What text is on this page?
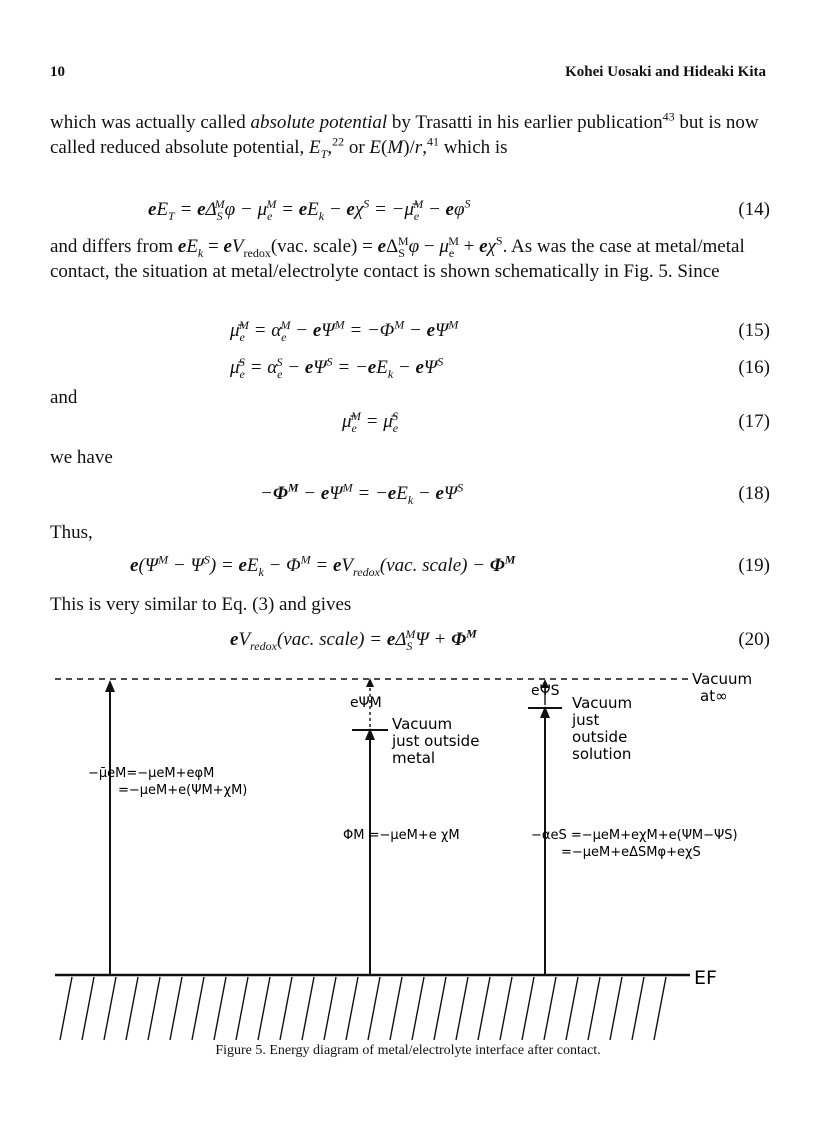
10	Kohei Uosaki and Hideaki Kita
which was actually called absolute potential by Trasatti in his earlier publication$^{43}$ but is now called reduced absolute potential, $E_T,^{22}$ or E(M)/r,$^{41}$ which is
$eE_T = e\Delta_S^M\varphi - \mu_e^M = eE_k - e\chi^S$ = $-\mū_e^M - e\varphi^S$	(14)
and differs from $eE_k = eV_{redox}(vac$. scale) = $e\Delta_S^M\varphi - \mu_e^M + e\chi^S$. As was the case at metal/metal contact, the situation at metal/electrolyte contact is shown schematically in Fig. 5. Since
$\mū_e^M = \alpha_e^M - e\Psi^M = -\Phi^M - e\Psi^M$	(15)
$\mū_e^S = \alpha_e^S - e\Psi^S = -eE_k - e\Psi^S$	(16)
and
$\mū_e^M$ = $\mū_e^S$	(17)
we have
$-\Phi^M - e\Psi^M = -eE_k - e\Psi^S$	(18)
Thus,
$e(\Psi^M - \Psi^S) = eE_k - \Phi^M = eV_{redox}(vac$. scale) − $\Phi^M$	(19)
This is very similar to Eq. (3) and gives
$eV_{redox}(vac$. scale) = $e\Delta_S^M\Psi + \Phi^M$	(20)
Vacuum
at∞
eΨM
eΨS
Vacuum
just outside
metal
Vacuum
just
outside
solution
−μ̄eM=−μeM+eφM
=−μeM+e(ΨM+χM)
ΦM =−μeM+e χM	−αeS =−μeM+eχM+e(ΨM−ΨS)
=−μeM+eΔSMφ+eχS
EF
Figure 5. Energy diagram of metal/electrolyte interface after contact.
